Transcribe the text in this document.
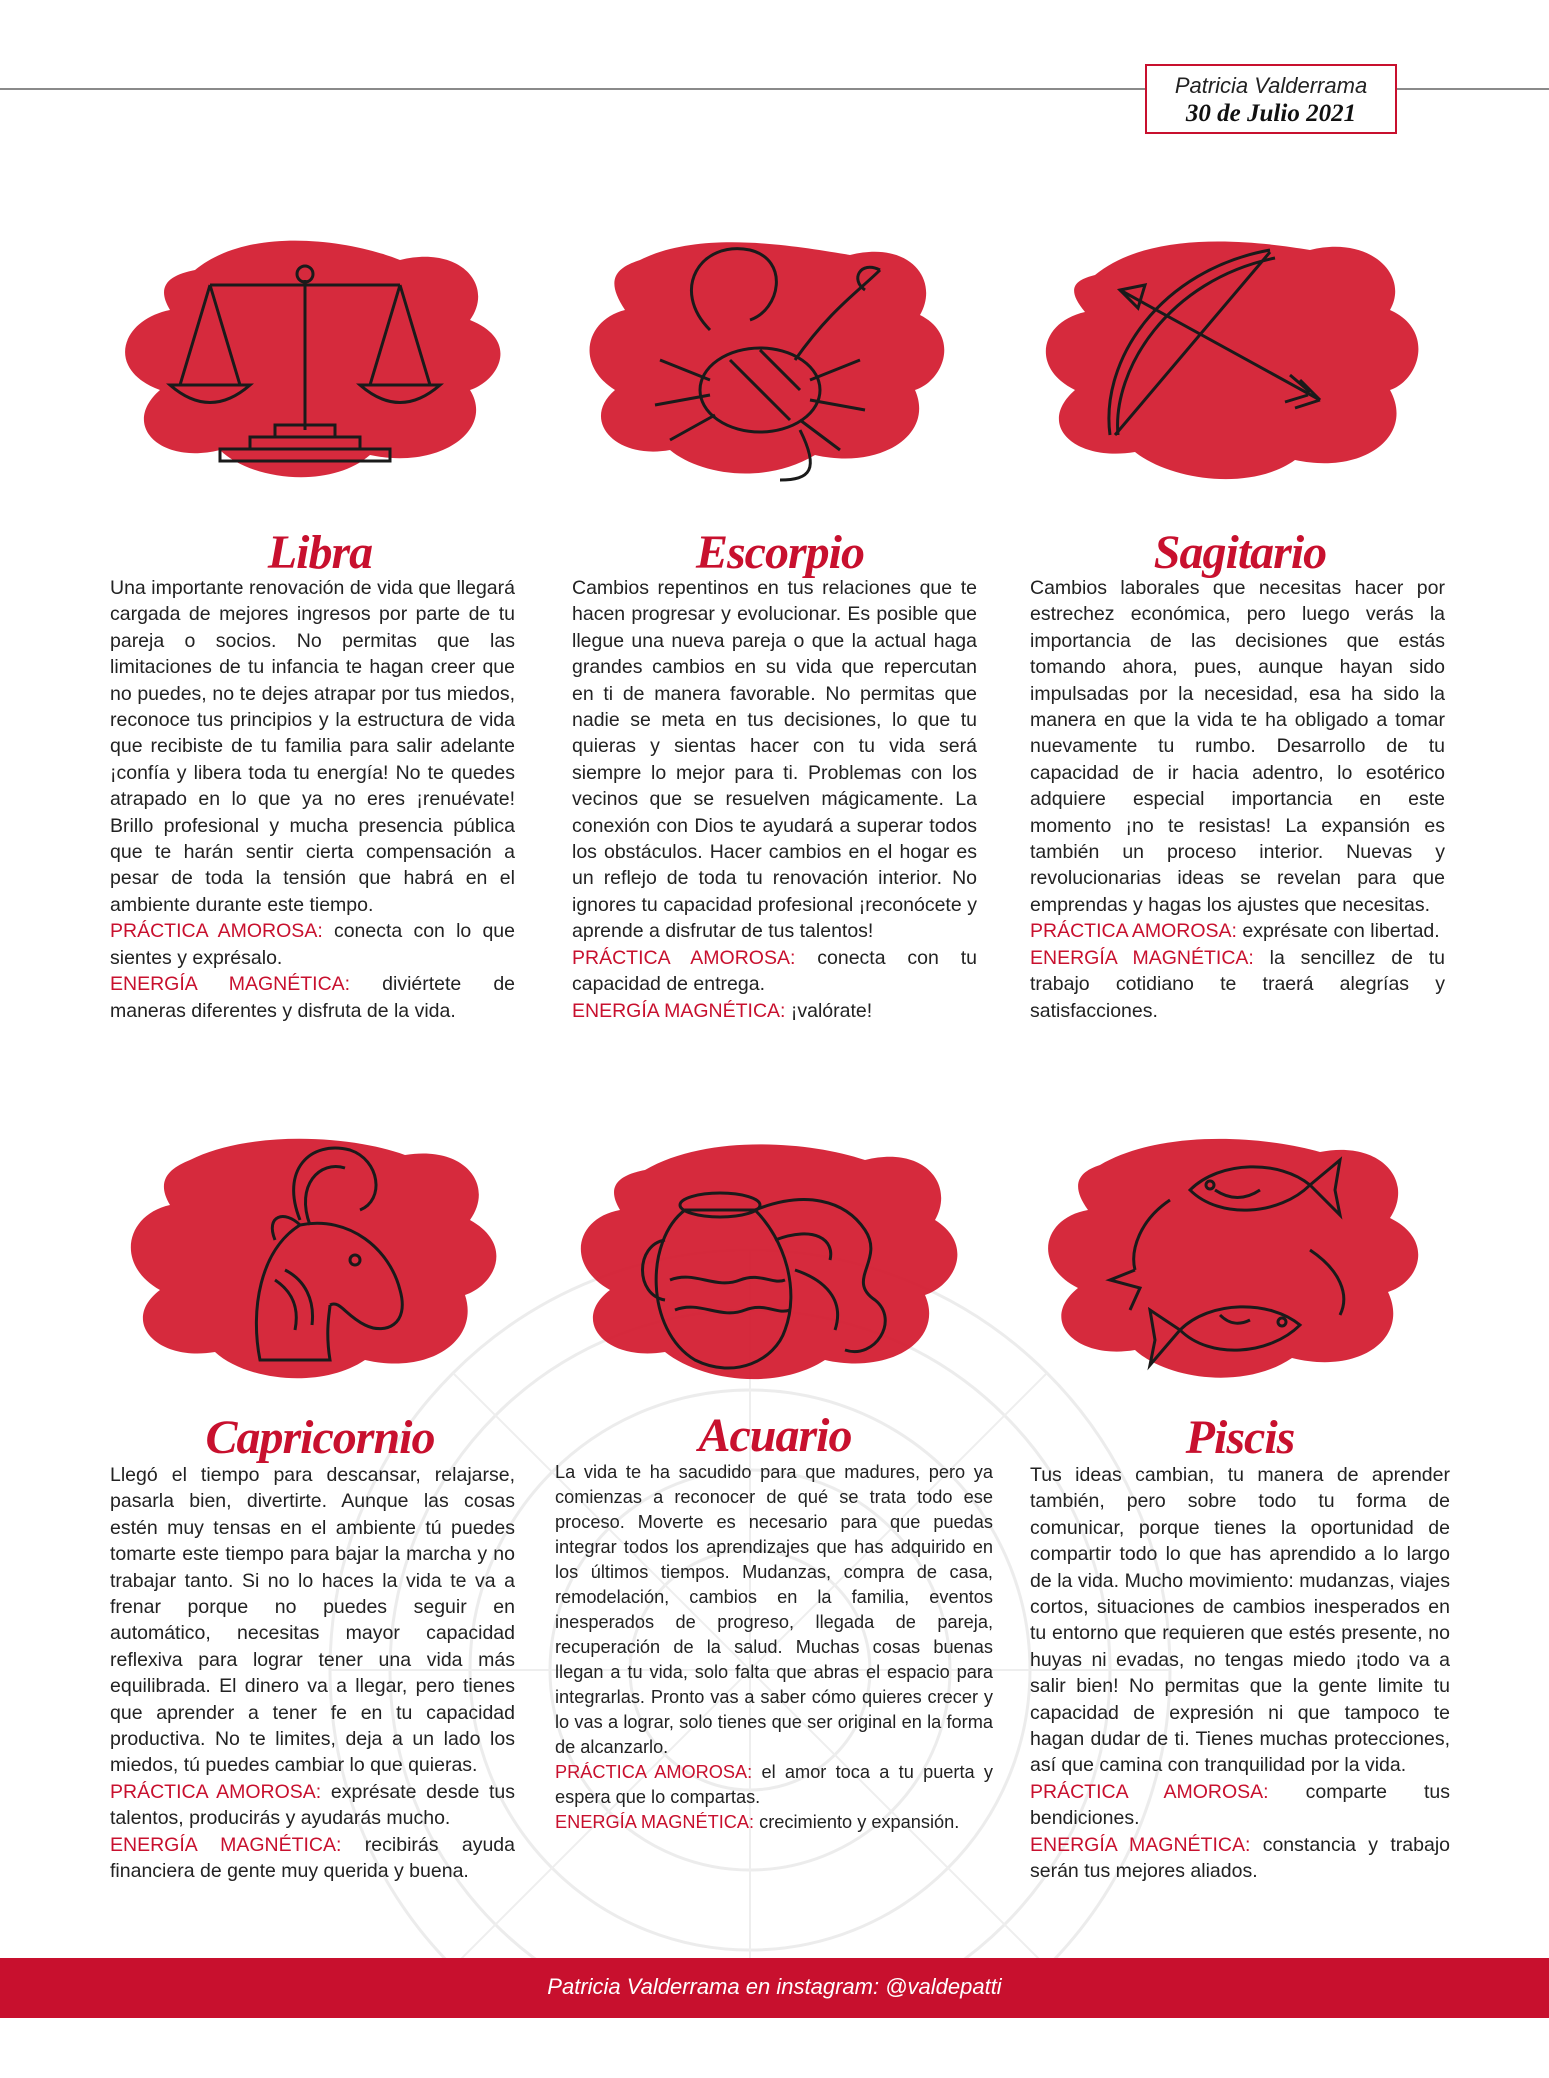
Patricia Valderrama
30 de Julio 2021
Libra

Una importante renovación de vida que llegará cargada de mejores ingresos por parte de tu pareja o socios. No permitas que las limitaciones de tu infancia te hagan creer que no puedes, no te dejes atrapar por tus miedos, reconoce tus principios y la estructura de vida que recibiste de tu familia para salir adelante ¡confía y libera toda tu energía! No te quedes atrapado en lo que ya no eres ¡renuévate! Brillo profesional y mucha presencia pública que te harán sentir cierta compensación a pesar de toda la tensión que habrá en el ambiente durante este tiempo.

PRÁCTICA AMOROSA: conecta con lo que sientes y exprésalo.

ENERGÍA MAGNÉTICA: diviértete de maneras diferentes y disfruta de la vida.

Escorpio

Cambios repentinos en tus relaciones que te hacen progresar y evolucionar. Es posible que llegue una nueva pareja o que la actual haga grandes cambios en su vida que repercutan en ti de manera favorable. No permitas que nadie se meta en tus decisiones, lo que tu quieras y sientas hacer con tu vida será siempre lo mejor para ti. Problemas con los vecinos que se resuelven mágicamente. La conexión con Dios te ayudará a superar todos los obstáculos. Hacer cambios en el hogar es un reflejo de toda tu renovación interior. No ignores tu capacidad profesional ¡reconócete y aprende a disfrutar de tus talentos!

PRÁCTICA AMOROSA: conecta con tu capacidad de entrega.

ENERGÍA MAGNÉTICA: ¡valórate!

Sagitario

Cambios laborales que necesitas hacer por estrechez económica, pero luego verás la importancia de las decisiones que estás tomando ahora, pues, aunque hayan sido impulsadas por la necesidad, esa ha sido la manera en que la vida te ha obligado a tomar nuevamente tu rumbo. Desarrollo de tu capacidad de ir hacia adentro, lo esotérico adquiere especial importancia en este momento ¡no te resistas! La expansión es también un proceso interior. Nuevas y revolucionarias ideas se revelan para que emprendas y hagas los ajustes que necesitas.

PRÁCTICA AMOROSA: exprésate con libertad.

ENERGÍA MAGNÉTICA: la sencillez de tu trabajo cotidiano te traerá alegrías y satisfacciones.

Capricornio

Llegó el tiempo para descansar, relajarse, pasarla bien, divertirte. Aunque las cosas estén muy tensas en el ambiente tú puedes tomarte este tiempo para bajar la marcha y no trabajar tanto. Si no lo haces la vida te va a frenar porque no puedes seguir en automático, necesitas mayor capacidad reflexiva para lograr tener una vida más equilibrada. El dinero va a llegar, pero tienes que aprender a tener fe en tu capacidad productiva. No te limites, deja a un lado los miedos, tú puedes cambiar lo que quieras.

PRÁCTICA AMOROSA: exprésate desde tus talentos, producirás y ayudarás mucho.

ENERGÍA MAGNÉTICA: recibirás ayuda financiera de gente muy querida y buena.

Acuario

La vida te ha sacudido para que madures, pero ya comienzas a reconocer de qué se trata todo ese proceso. Moverte es necesario para que puedas integrar todos los aprendizajes que has adquirido en los últimos tiempos. Mudanzas, compra de casa, remodelación, cambios en la familia, eventos inesperados de progreso, llegada de pareja, recuperación de la salud. Muchas cosas buenas llegan a tu vida, solo falta que abras el espacio para integrarlas. Pronto vas a saber cómo quieres crecer y lo vas a lograr, solo tienes que ser original en la forma de alcanzarlo.

PRÁCTICA AMOROSA: el amor toca a tu puerta y espera que lo compartas.

ENERGÍA MAGNÉTICA: crecimiento y expansión.

Piscis

Tus ideas cambian, tu manera de aprender también, pero sobre todo tu forma de comunicar, porque tienes la oportunidad de compartir todo lo que has aprendido a lo largo de la vida. Mucho movimiento: mudanzas, viajes cortos, situaciones de cambios inesperados en tu entorno que requieren que estés presente, no huyas ni evadas, no tengas miedo ¡todo va a salir bien! No permitas que la gente limite tu capacidad de expresión ni que tampoco te hagan dudar de ti. Tienes muchas protecciones, así que camina con tranquilidad por la vida.

PRÁCTICA AMOROSA: comparte tus bendiciones.

ENERGÍA MAGNÉTICA: constancia y trabajo serán tus mejores aliados.

Patricia Valderrama en instagram: @valdepatti
